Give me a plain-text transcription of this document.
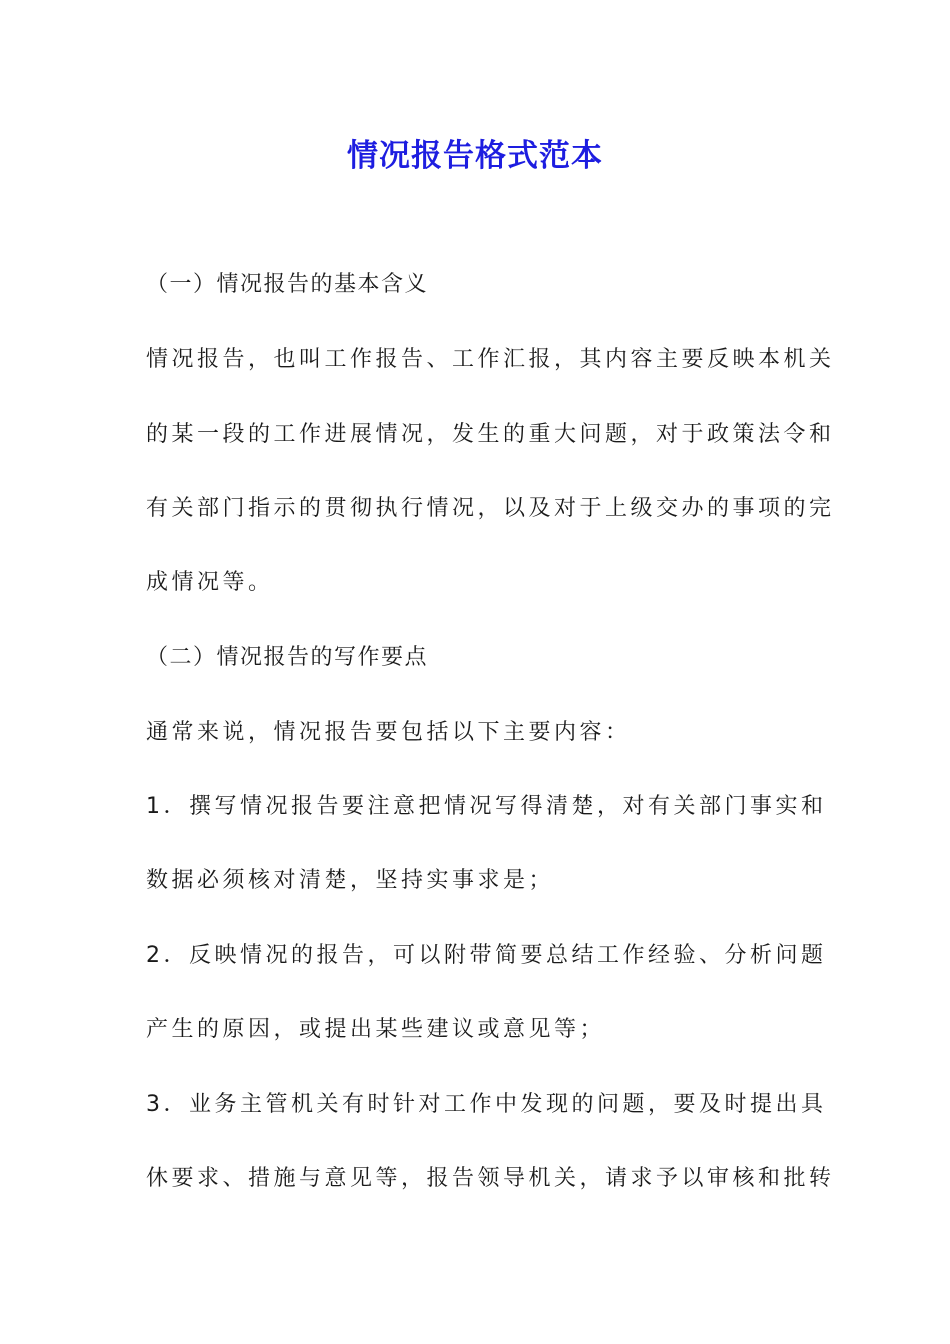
情况报告格式范本
（一）情况报告的基本含义
情况报告，也叫工作报告、工作汇报，其内容主要反映本机关
的某一段的工作进展情况，发生的重大问题，对于政策法令和
有关部门指示的贯彻执行情况，以及对于上级交办的事项的完
成情况等。
（二）情况报告的写作要点
通常来说，情况报告要包括以下主要内容：
1．撰写情况报告要注意把情况写得清楚，对有关部门事实和
数据必须核对清楚，坚持实事求是；
2．反映情况的报告，可以附带简要总结工作经验、分析问题
产生的原因，或提出某些建议或意见等；
3．业务主管机关有时针对工作中发现的问题，要及时提出具
休要求、措施与意见等，报告领导机关，请求予以审核和批转
